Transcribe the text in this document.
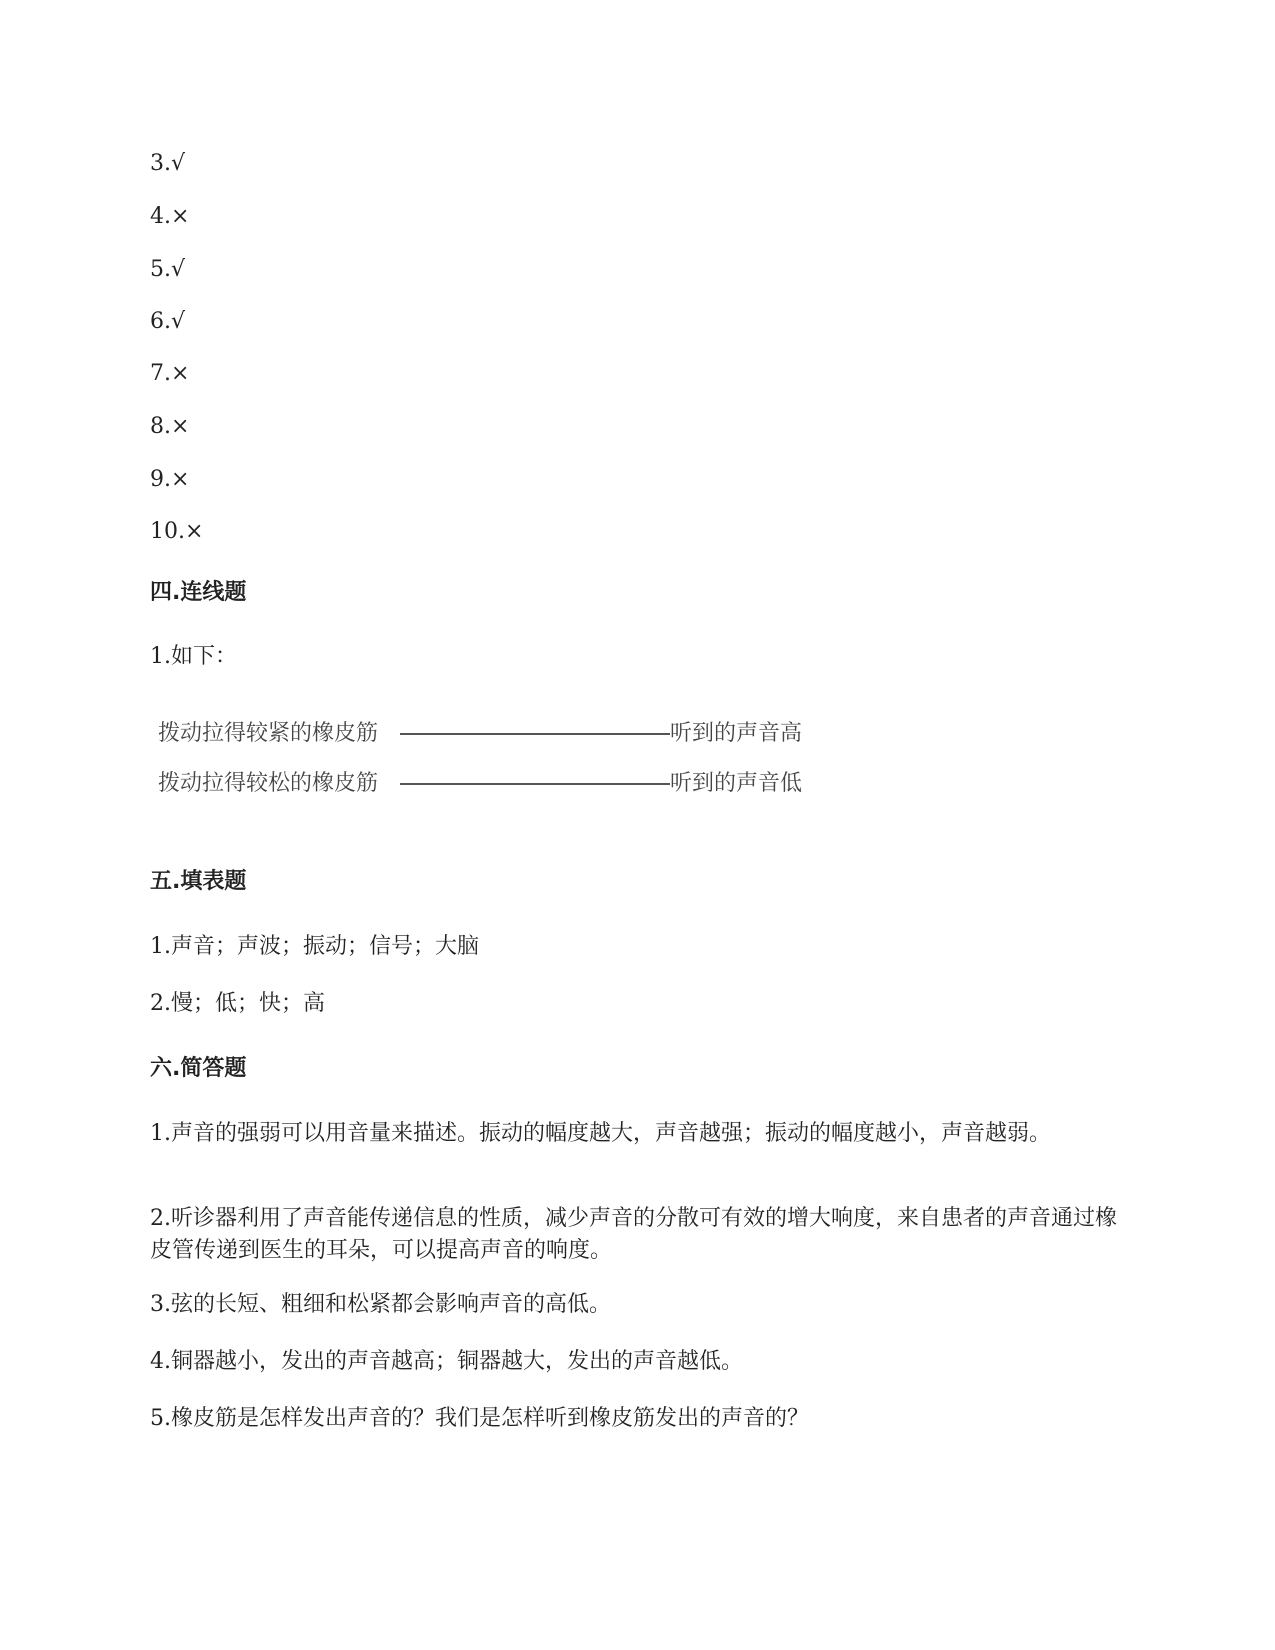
3.√
4.×
5.√
6.√
7.×
8.×
9.×
10.×
四.连线题
1.如下：
拨动拉得较紧的橡皮筋	听到的声音高
拨动拉得较松的橡皮筋	听到的声音低
五.填表题
1.声音；声波；振动；信号；大脑
2.慢；低；快；高
六.简答题
1.声音的强弱可以用音量来描述。振动的幅度越大，声音越强；振动的幅度越小，声音越弱。
2.听诊器利用了声音能传递信息的性质，减少声音的分散可有效的增大响度，来自患者的声音通过橡皮管传递到医生的耳朵，可以提高声音的响度。
3.弦的长短、粗细和松紧都会影响声音的高低。
4.铜器越小，发出的声音越高；铜器越大，发出的声音越低。
5.橡皮筋是怎样发出声音的？我们是怎样听到橡皮筋发出的声音的？
